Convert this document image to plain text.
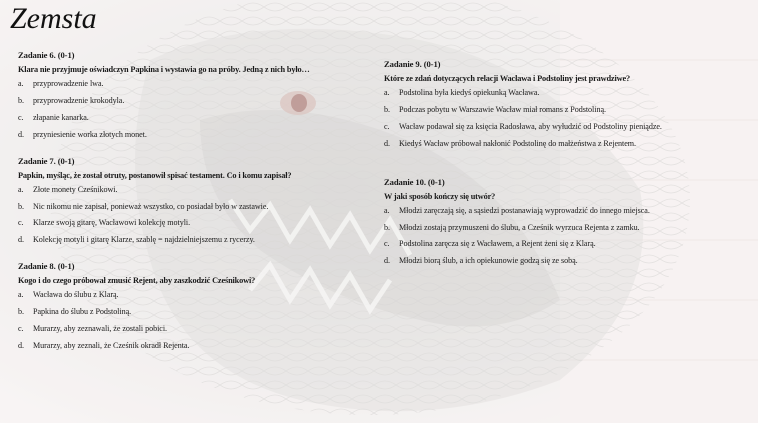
Zemsta

Zadanie 6. (0-1)

Klara nie przyjmuje oświadczyn Papkina i wystawia go na próby. Jedną z nich było…

a.	przyprowadzenie lwa.
b.	przyprowadzenie krokodyla.
c.	złapanie kanarka.
d.	przyniesienie worka złotych monet.

Zadanie 7. (0-1)

Papkin, myśląc, że został otruty, postanowił spisać testament. Co i komu zapisał?

a.	Złote monety Cześnikowi.
b.	Nic nikomu nie zapisał, ponieważ wszystko, co posiadał było w zastawie.
c.	Klarze swoją gitarę, Wacławowi kolekcję motyli.
d.	Kolekcję motyli i gitarę Klarze, szablę = najdzielniejszemu z rycerzy.

Zadanie 8. (0-1)

Kogo i do czego próbował zmusić Rejent, aby zaszkodzić Cześnikowi?

a.	Wacława do ślubu z Klarą.
b.	Papkina do ślubu z Podstoliną.
c.	Murarzy, aby zeznawali, że zostali pobici.
d.	Murarzy, aby zeznali, że Cześnik okradł Rejenta.

Zadanie 9. (0-1)

Które ze zdań dotyczących relacji Wacława i Podstoliny jest prawdziwe?

a.	Podstolina była kiedyś opiekunką Wacława.
b.	Podczas pobytu w Warszawie Wacław miał romans z Podstoliną.
c.	Wacław podawał się za księcia Radosława, aby wyłudzić od Podstoliny pieniądze.
d.	Kiedyś Wacław próbował nakłonić Podstolinę do małżeństwa z Rejentem.

Zadanie 10. (0-1)

W jaki sposób kończy się utwór?

a.	Młodzi zaręczają się, a sąsiedzi postanawiają wyprowadzić do innego miejsca.
b.	Młodzi zostają przymuszeni do ślubu, a Cześnik wyrzuca Rejenta z zamku.
c.	Podstolina zaręcza się z Wacławem, a Rejent żeni się z Klarą.
d.	Młodzi biorą ślub, a ich opiekunowie godzą się ze sobą.
